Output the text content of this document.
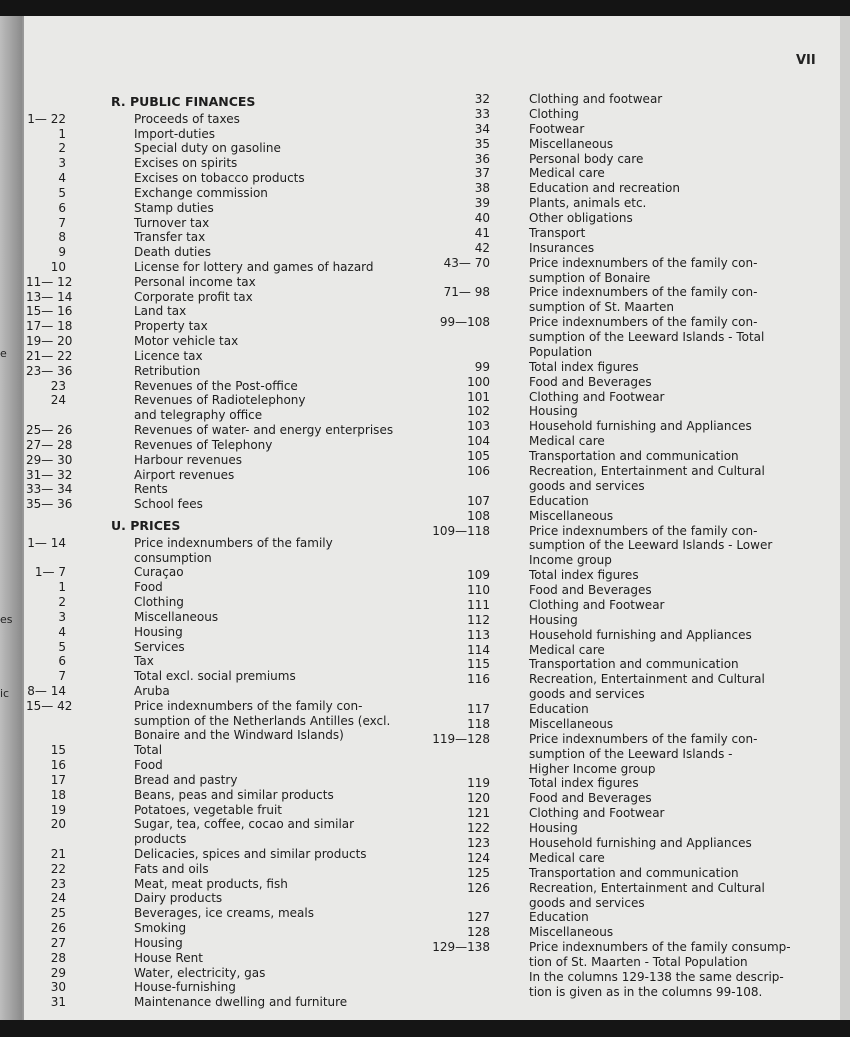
e
es
ic
VII
R. PUBLIC FINANCES
1— 22	Proceeds of taxes
1	Import-duties
2	Special duty on gasoline
3	Excises on spirits
4	Excises on tobacco products
5	Exchange commission
6	Stamp duties
7	Turnover tax
8	Transfer tax
9	Death duties
10	License for lottery and games of hazard
11— 12	Personal income tax
13— 14	Corporate profit tax
15— 16	Land tax
17— 18	Property tax
19— 20	Motor vehicle tax
21— 22	Licence tax
23— 36	Retribution
23	Revenues of the Post-office
24	Revenues of Radiotelephony
and telegraphy office
25— 26	Revenues of water- and energy enterprises
27— 28	Revenues of Telephony
29— 30	Harbour revenues
31— 32	Airport revenues
33— 34	Rents
35— 36	School fees
U. PRICES
1— 14	Price indexnumbers of the family
consumption
1— 7	Curaçao
1	Food
2	Clothing
3	Miscellaneous
4	Housing
5	Services
6	Tax
7	Total excl. social premiums
8— 14	Aruba
15— 42	Price indexnumbers of the family con-
sumption of the Netherlands Antilles (excl.
Bonaire and the Windward Islands)
15	Total
16	Food
17	Bread and pastry
18	Beans, peas and similar products
19	Potatoes, vegetable fruit
20	Sugar, tea, coffee, cocao and similar
products
21	Delicacies, spices and similar products
22	Fats and oils
23	Meat, meat products, fish
24	Dairy products
25	Beverages, ice creams, meals
26	Smoking
27	Housing
28	House Rent
29	Water, electricity, gas
30	House-furnishing
31	Maintenance dwelling and furniture
32	Clothing and footwear
33	Clothing
34	Footwear
35	Miscellaneous
36	Personal body care
37	Medical care
38	Education and recreation
39	Plants, animals etc.
40	Other obligations
41	Transport
42	Insurances
43— 70	Price indexnumbers of the family con-
sumption of Bonaire
71— 98	Price indexnumbers of the family con-
sumption of St. Maarten
99—108	Price indexnumbers of the family con-
sumption of the Leeward Islands - Total
Population
99	Total index figures
100	Food and Beverages
101	Clothing and Footwear
102	Housing
103	Household furnishing and Appliances
104	Medical care
105	Transportation and communication
106	Recreation, Entertainment and Cultural
goods and services
107	Education
108	Miscellaneous
109—118	Price indexnumbers of the family con-
sumption of the Leeward Islands - Lower
Income group
109	Total index figures
110	Food and Beverages
111	Clothing and Footwear
112	Housing
113	Household furnishing and Appliances
114	Medical care
115	Transportation and communication
116	Recreation, Entertainment and Cultural
goods and services
117	Education
118	Miscellaneous
119—128	Price indexnumbers of the family con-
sumption of the Leeward Islands -
Higher Income group
119	Total index figures
120	Food and Beverages
121	Clothing and Footwear
122	Housing
123	Household furnishing and Appliances
124	Medical care
125	Transportation and communication
126	Recreation, Entertainment and Cultural
goods and services
127	Education
128	Miscellaneous
129—138	Price indexnumbers of the family consump-
tion of St. Maarten - Total Population
In the columns 129-138 the same descrip-
tion is given as in the columns 99-108.
